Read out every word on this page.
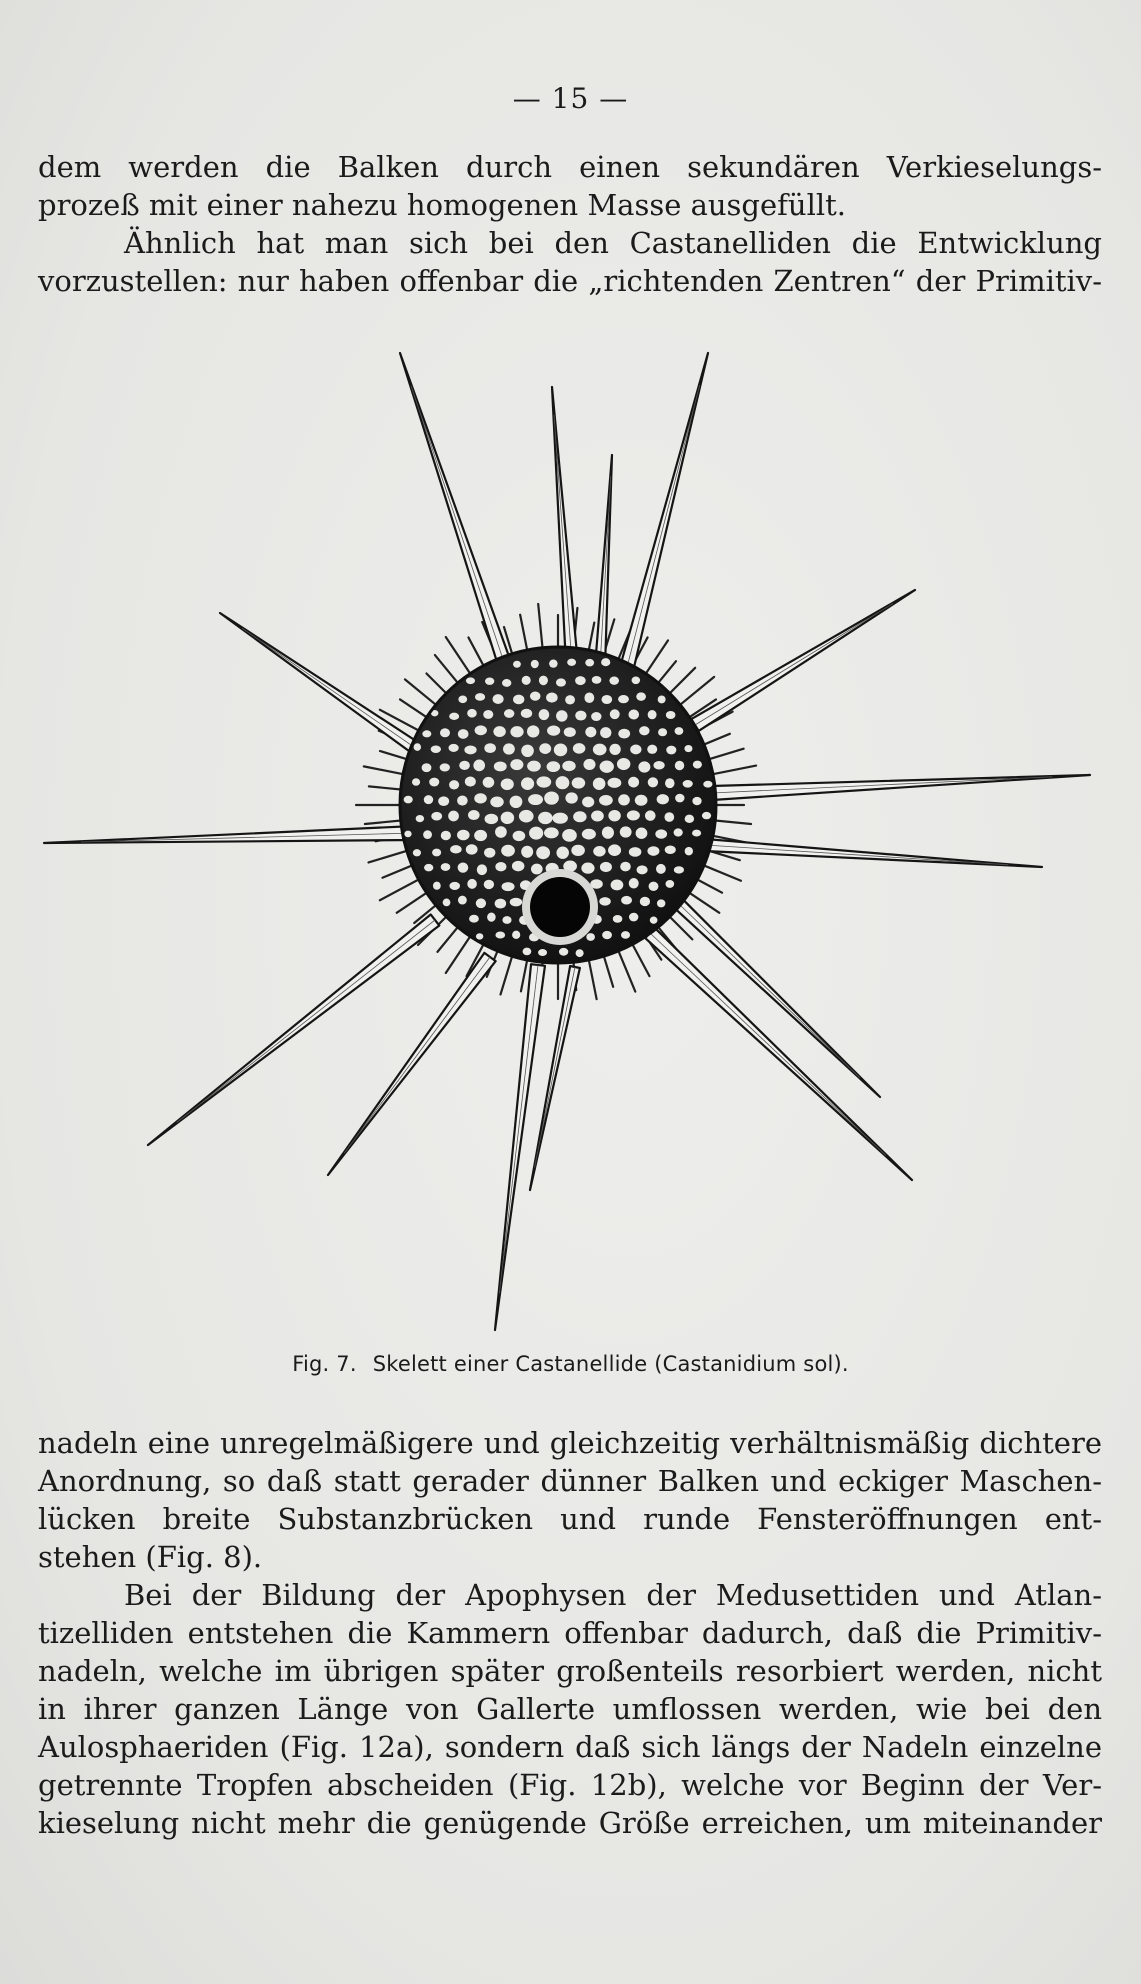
— 15 —
dem werden die Balken durch einen sekundären Verkieselungs-
prozeß mit einer nahezu homogenen Masse ausgefüllt.
Ähnlich hat man sich bei den Castanelliden die Entwicklung
vorzustellen: nur haben offenbar die „richtenden Zentren“ der Primitiv-
Fig. 7. Skelett einer Castanellide (Castanidium sol).
nadeln eine unregelmäßigere und gleichzeitig verhältnismäßig dichtere
Anordnung, so daß statt gerader dünner Balken und eckiger Maschen-
lücken breite Substanzbrücken und runde Fensteröffnungen ent-
stehen (Fig. 8).
Bei der Bildung der Apophysen der Medusettiden und Atlan-
tizelliden entstehen die Kammern offenbar dadurch, daß die Primitiv-
nadeln, welche im übrigen später großenteils resorbiert werden, nicht
in ihrer ganzen Länge von Gallerte umflossen werden, wie bei den
Aulosphaeriden (Fig. 12a), sondern daß sich längs der Nadeln einzelne
getrennte Tropfen abscheiden (Fig. 12b), welche vor Beginn der Ver-
kieselung nicht mehr die genügende Größe erreichen, um miteinander
